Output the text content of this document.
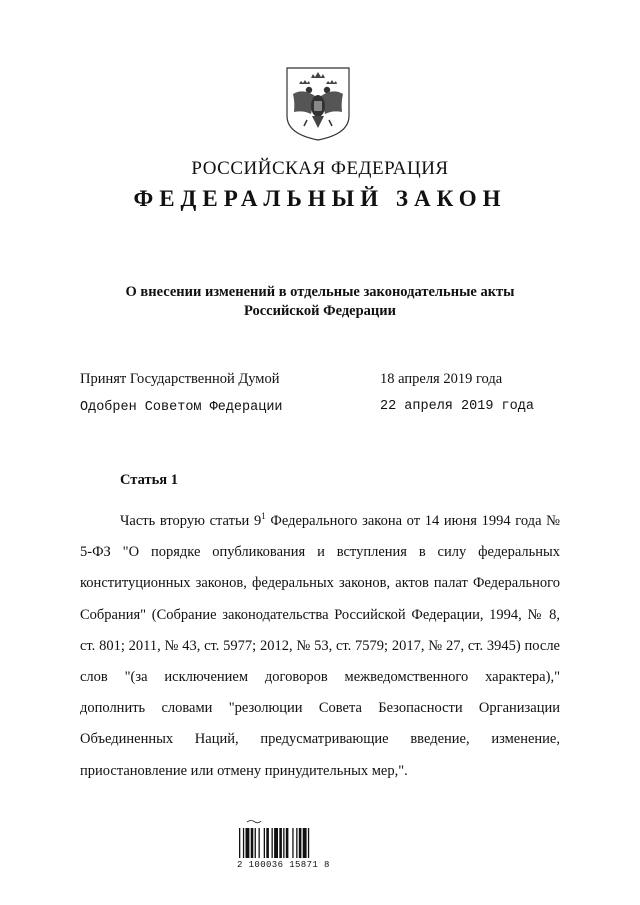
РОССИЙСКАЯ ФЕДЕРАЦИЯ
ФЕДЕРАЛЬНЫЙ ЗАКОН
О внесении изменений в отдельные законодательные акты
Российской Федерации
Принят Государственной Думой	18 апреля 2019 года
Одобрен Советом Федерации	22 апреля 2019 года
Статья 1
Часть вторую статьи $9^1$ Федерального закона от 14 июня 1994 года № 5-ФЗ "О порядке опубликования и вступления в силу федеральных конституционных законов, федеральных законов, актов палат Федерального Собрания" (Собрание законодательства Российской Федерации, 1994, № 8, ст. 801; 2011, № 43, ст. 5977; 2012, № 53, ст. 7579; 2017, № 27, ст. 3945) после слов "(за исключением договоров межведомственного характера)," дополнить словами "резолюции Совета Безопасности Организации Объединенных Наций, предусматривающие введение, изменение, приостановление или отмену принудительных мер,".
2 100036 15871 8
